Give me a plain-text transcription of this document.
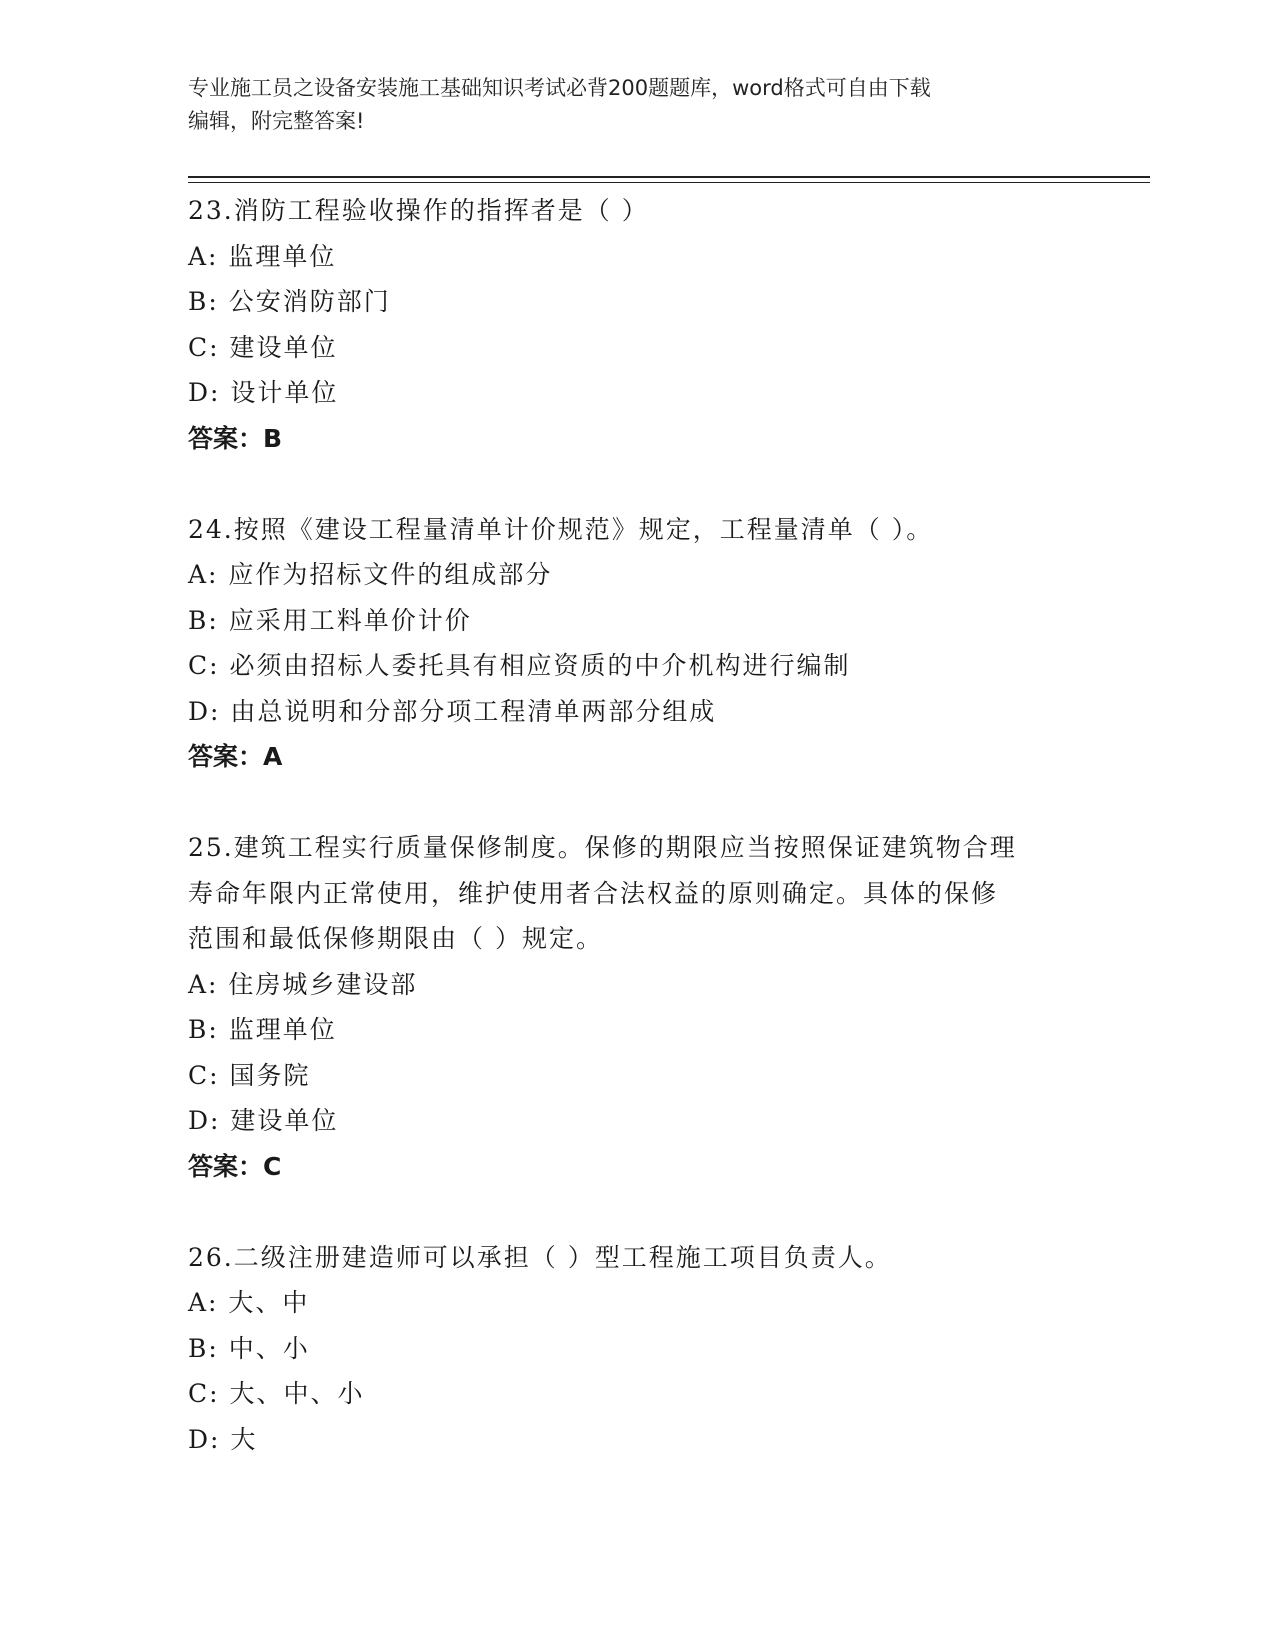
专业施工员之设备安装施工基础知识考试必背200题题库，word格式可自由下载
编辑，附完整答案!

23.消防工程验收操作的指挥者是（ ）

A: 监理单位

B: 公安消防部门

C: 建设单位

D: 设计单位

答案：B

24.按照《建设工程量清单计价规范》规定，工程量清单（ ）。

A: 应作为招标文件的组成部分

B: 应采用工料单价计价

C: 必须由招标人委托具有相应资质的中介机构进行编制

D: 由总说明和分部分项工程清单两部分组成

答案：A

25.建筑工程实行质量保修制度。保修的期限应当按照保证建筑物合理

寿命年限内正常使用，维护使用者合法权益的原则确定。具体的保修

范围和最低保修期限由（ ）规定。

A: 住房城乡建设部

B: 监理单位

C: 国务院

D: 建设单位

答案：C

26.二级注册建造师可以承担（ ）型工程施工项目负责人。

A: 大、中

B: 中、小

C: 大、中、小

D: 大
